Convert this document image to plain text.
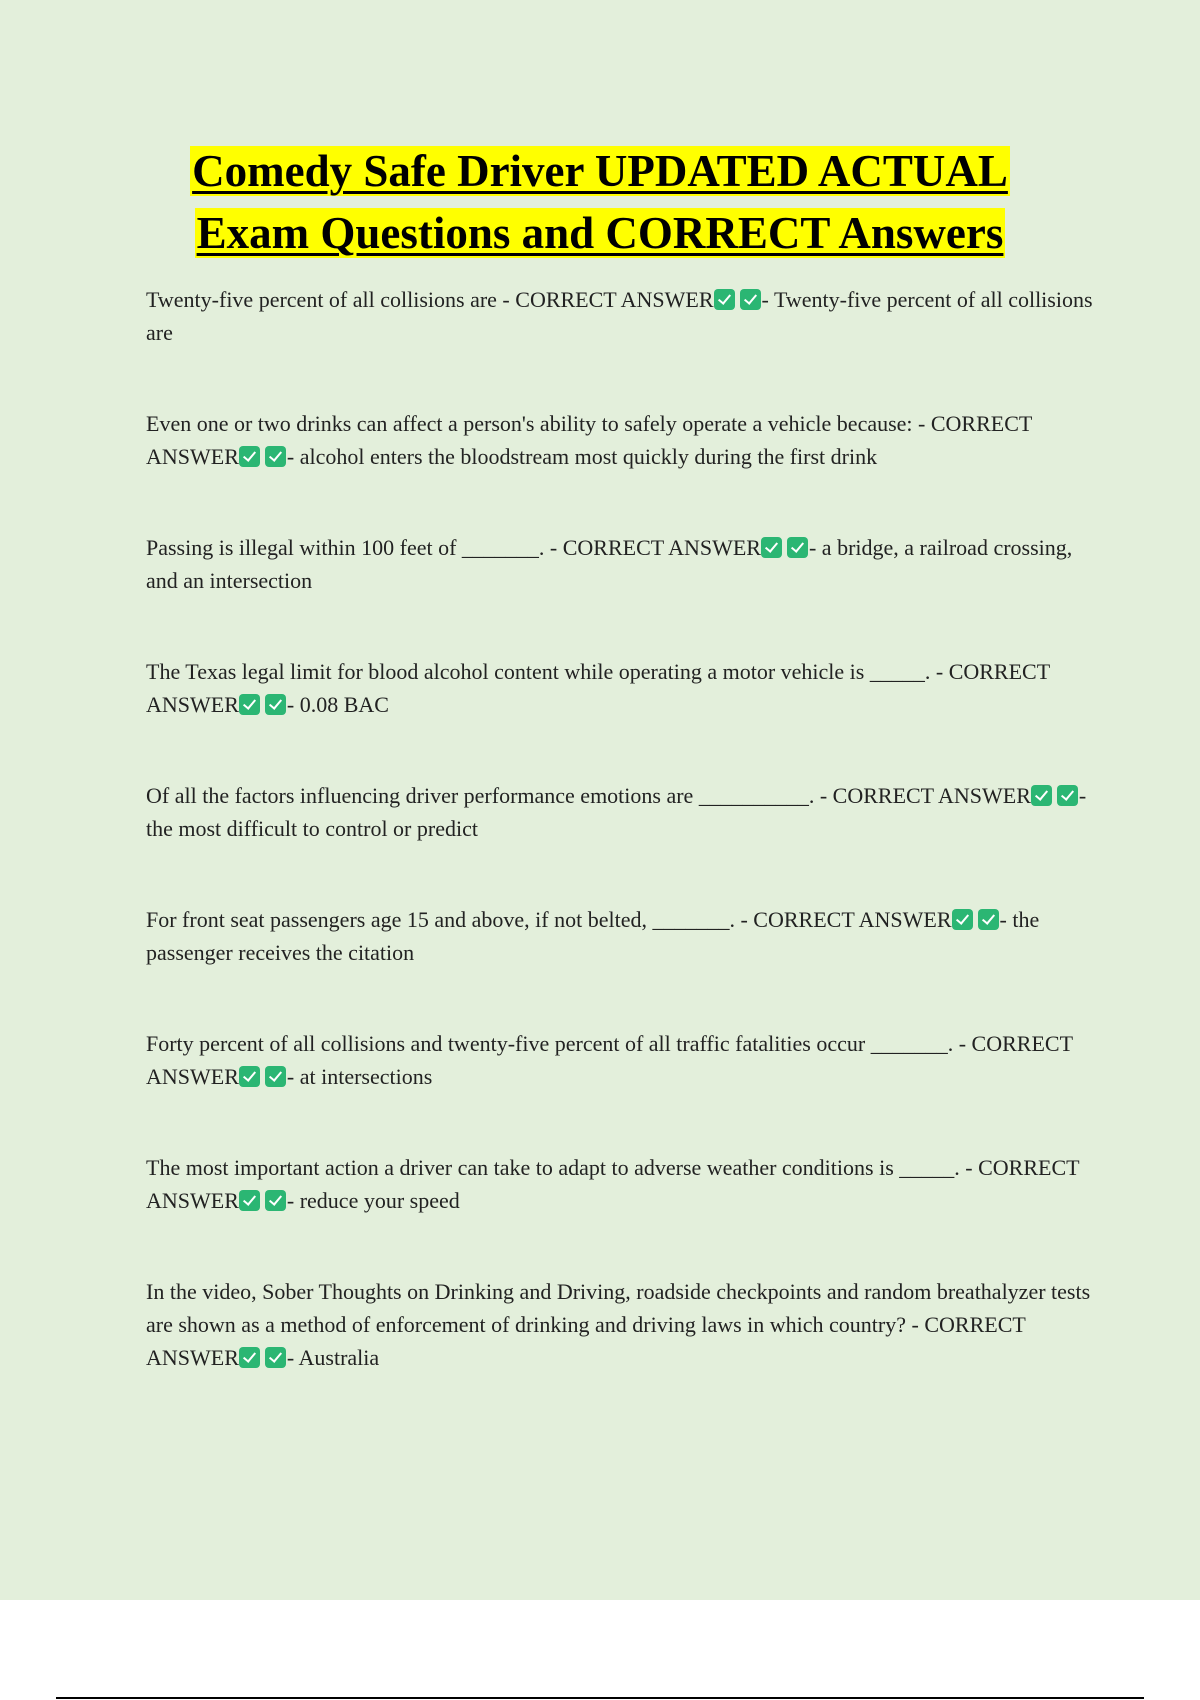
Comedy Safe Driver UPDATED ACTUAL
Exam Questions and CORRECT Answers

Twenty-five percent of all collisions are - CORRECT ANSWER - Twenty-five percent of all collisions are

Even one or two drinks can affect a person's ability to safely operate a vehicle because: - CORRECT ANSWER - alcohol enters the bloodstream most quickly during the first drink

Passing is illegal within 100 feet of _______. - CORRECT ANSWER - a bridge, a railroad crossing, and an intersection

The Texas legal limit for blood alcohol content while operating a motor vehicle is _____. - CORRECT ANSWER - 0.08 BAC

Of all the factors influencing driver performance emotions are __________. - CORRECT ANSWER - the most difficult to control or predict

For front seat passengers age 15 and above, if not belted, _______. - CORRECT ANSWER - the passenger receives the citation

Forty percent of all collisions and twenty-five percent of all traffic fatalities occur _______. - CORRECT ANSWER - at intersections

The most important action a driver can take to adapt to adverse weather conditions is _____. - CORRECT ANSWER - reduce your speed

In the video, Sober Thoughts on Drinking and Driving, roadside checkpoints and random breathalyzer tests are shown as a method of enforcement of drinking and driving laws in which country? - CORRECT ANSWER - Australia
